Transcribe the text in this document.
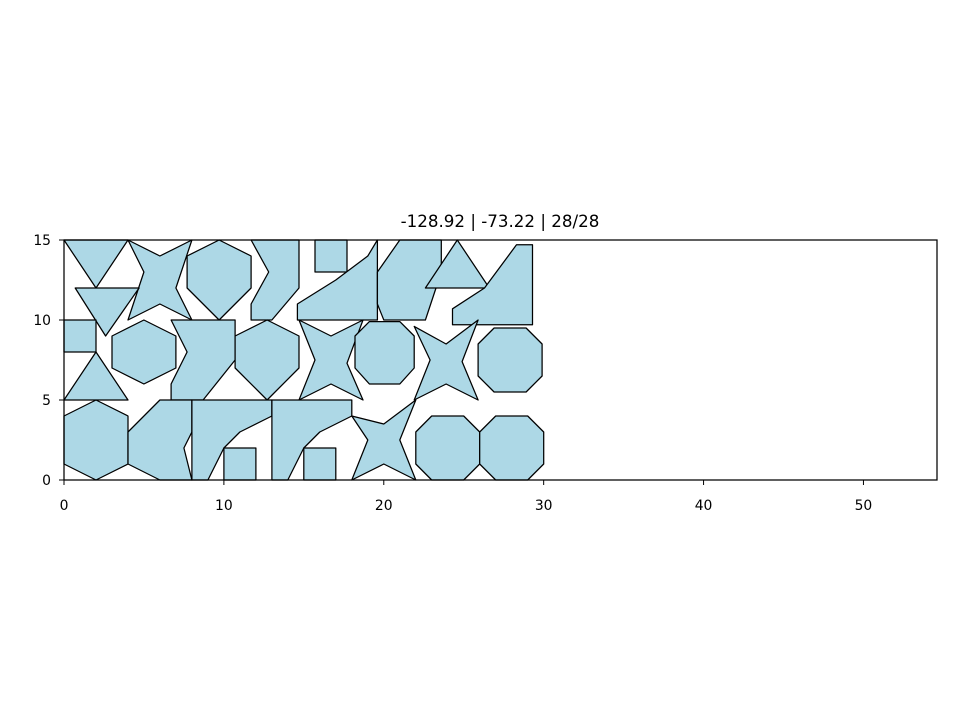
0	10	20	30	40	50
0
5
10
15
-128.92 | -73.22 | 28/28
